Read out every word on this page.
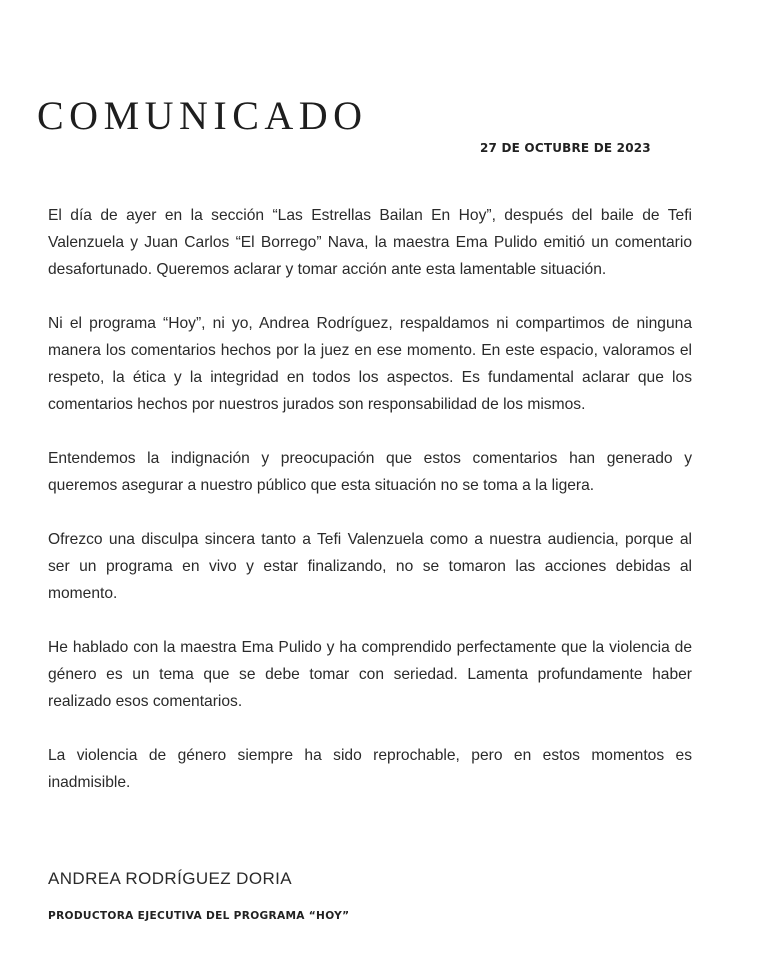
COMUNICADO
27 DE OCTUBRE DE 2023

El día de ayer en la sección “Las Estrellas Bailan En Hoy”, después del baile de Tefi Valenzuela y Juan Carlos “El Borrego” Nava, la maestra Ema Pulido emitió un comentario desafortunado. Queremos aclarar y tomar acción ante esta lamentable situación.

Ni el programa “Hoy”, ni yo, Andrea Rodríguez, respaldamos ni compartimos de ninguna manera los comentarios hechos por la juez en ese momento. En este espacio, valoramos el respeto, la ética y la integridad en todos los aspectos. Es fundamental aclarar que los comentarios hechos por nuestros jurados son responsabilidad de los mismos.

Entendemos la indignación y preocupación que estos comentarios han generado y queremos asegurar a nuestro público que esta situación no se toma a la ligera.

Ofrezco una disculpa sincera tanto a Tefi Valenzuela como a nuestra audiencia, porque al ser un programa en vivo y estar finalizando, no se tomaron las acciones debidas al momento.

He hablado con la maestra Ema Pulido y ha comprendido perfectamente que la violencia de género es un tema que se debe tomar con seriedad. Lamenta profundamente haber realizado esos comentarios.

La violencia de género siempre ha sido reprochable, pero en estos momentos es inadmisible.

ANDREA RODRÍGUEZ DORIA
PRODUCTORA EJECUTIVA DEL PROGRAMA “HOY”
